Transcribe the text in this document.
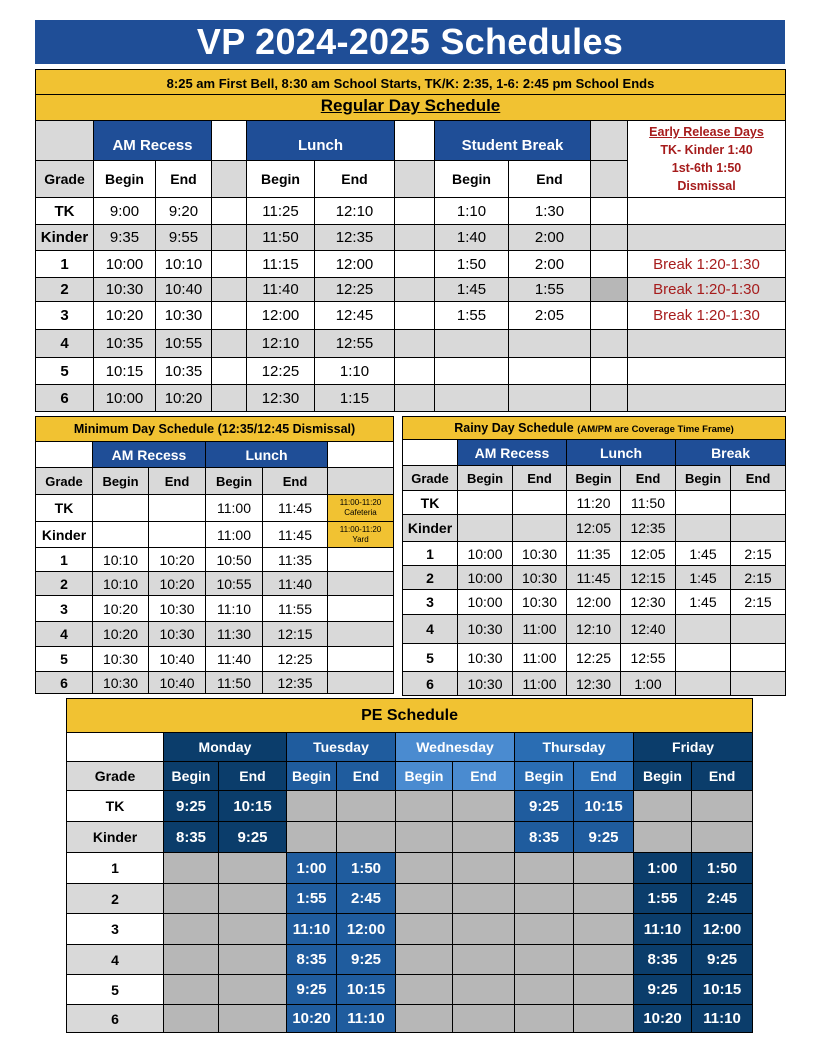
VP 2024-2025 Schedules
8:25 am First Bell, 8:30 am School Starts, TK/K: 2:35, 1-6: 2:45 pm School Ends										
Regular Day Schedule										
	AM Recess			Lunch			Student Break			Early Release Days
TK- Kinder 1:40
1st-6th 1:50
Dismissal

Grade	Begin	End		Begin	End		Begin	End		
TK	9:00	9:20		11:25	12:10		1:10	1:30		
Kinder	9:35	9:55		11:50	12:35		1:40	2:00		
1	10:00	10:10		11:15	12:00		1:50	2:00		Break 1:20-1:30
2	10:30	10:40		11:40	12:25		1:45	1:55		Break 1:20-1:30
3	10:20	10:30		12:00	12:45		1:55	2:05		Break 1:20-1:30
4	10:35	10:55		12:10	12:55					
5	10:15	10:35		12:25	1:10					
6	10:00	10:20		12:30	1:15					
Minimum Day Schedule (12:35/12:45 Dismissal)					
	AM Recess		Lunch		
Grade	Begin	End	Begin	End	
TK			11:00	11:45	11:00-11:20
Cafeteria

Kinder			11:00	11:45	11:00-11:20
Yard

1	10:10	10:20	10:50	11:35	
2	10:10	10:20	10:55	11:40	
3	10:20	10:30	11:10	11:55	
4	10:20	10:30	11:30	12:15	
5	10:30	10:40	11:40	12:25	
6	10:30	10:40	11:50	12:35	
Rainy Day Schedule (AM/PM are Coverage Time Frame)						
	AM Recess		Lunch		Break	
Grade	Begin	End	Begin	End	Begin	End
TK			11:20	11:50		
Kinder			12:05	12:35		
1	10:00	10:30	11:35	12:05	1:45	2:15
2	10:00	10:30	11:45	12:15	1:45	2:15
3	10:00	10:30	12:00	12:30	1:45	2:15
4	10:30	11:00	12:10	12:40		
5	10:30	11:00	12:25	12:55		
6	10:30	11:00	12:30	1:00		
PE Schedule										
	Monday		Tuesday		Wednesday		Thursday		Friday	
Grade	Begin	End	Begin	End	Begin	End	Begin	End	Begin	End
TK	9:25	10:15					9:25	10:15		
Kinder	8:35	9:25					8:35	9:25		
1			1:00	1:50					1:00	1:50
2			1:55	2:45					1:55	2:45
3			11:10	12:00					11:10	12:00
4			8:35	9:25					8:35	9:25
5			9:25	10:15					9:25	10:15
6			10:20	11:10					10:20	11:10
